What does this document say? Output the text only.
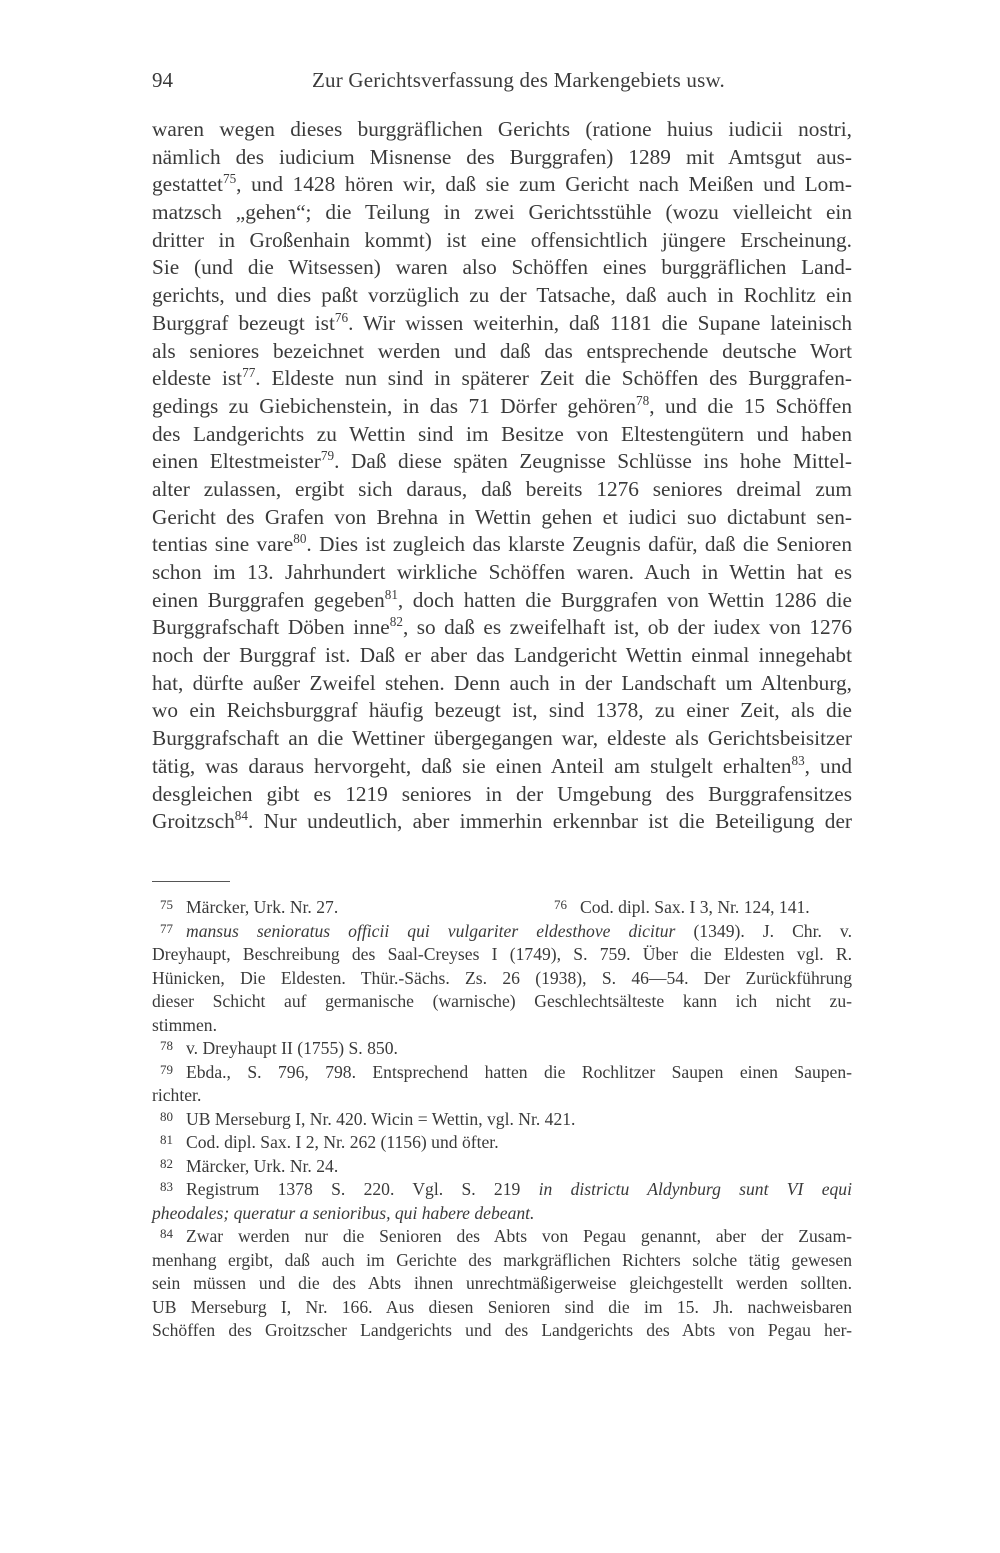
94	Zur Gerichtsverfassung des Markengebiets usw.
waren wegen dieses burggräflichen Gerichts (ratione huius iudicii nostri,
nämlich des iudicium Misnense des Burggrafen) 1289 mit Amtsgut aus-
gestattet$^{75}$, und 1428 hören wir, daß sie zum Gericht nach Meißen und Lom-
matzsch „gehen“; die Teilung in zwei Gerichtsstühle (wozu vielleicht ein
dritter in Großenhain kommt) ist eine offensichtlich jüngere Erscheinung.
Sie (und die Witsessen) waren also Schöffen eines burggräflichen Land-
gerichts, und dies paßt vorzüglich zu der Tatsache, daß auch in Rochlitz ein
Burggraf bezeugt ist$^{76}$. Wir wissen weiterhin, daß 1181 die Supane lateinisch
als seniores bezeichnet werden und daß das entsprechende deutsche Wort
eldeste ist$^{77}$. Eldeste nun sind in späterer Zeit die Schöffen des Burggrafen-
gedings zu Giebichenstein, in das 71 Dörfer gehören$^{78}$, und die 15 Schöffen
des Landgerichts zu Wettin sind im Besitze von Eltestengütern und haben
einen Eltestmeister$^{79}$. Daß diese späten Zeugnisse Schlüsse ins hohe Mittel-
alter zulassen, ergibt sich daraus, daß bereits 1276 seniores dreimal zum
Gericht des Grafen von Brehna in Wettin gehen et iudici suo dictabunt sen-
tentias sine vare$^{80}$. Dies ist zugleich das klarste Zeugnis dafür, daß die Senioren
schon im 13. Jahrhundert wirkliche Schöffen waren. Auch in Wettin hat es
einen Burggrafen gegeben$^{81}$, doch hatten die Burggrafen von Wettin 1286 die
Burggrafschaft Döben inne$^{82}$, so daß es zweifelhaft ist, ob der iudex von 1276
noch der Burggraf ist. Daß er aber das Landgericht Wettin einmal innegehabt
hat, dürfte außer Zweifel stehen. Denn auch in der Landschaft um Altenburg,
wo ein Reichsburggraf häufig bezeugt ist, sind 1378, zu einer Zeit, als die
Burggrafschaft an die Wettiner übergegangen war, eldeste als Gerichtsbeisitzer
tätig, was daraus hervorgeht, daß sie einen Anteil am stulgelt erhalten$^{83}$, und
desgleichen gibt es 1219 seniores in der Umgebung des Burggrafensitzes
Groitzsch$^{84}$. Nur undeutlich, aber immerhin erkennbar ist die Beteiligung der
75 Märcker, Urk. Nr. 27.	76 Cod. dipl. Sax. I 3, Nr. 124, 141.
77 mansus senioratus officii qui vulgariter eldesthove dicitur (1349). J. Chr. v.
Dreyhaupt, Beschreibung des Saal-Creyses I (1749), S. 759. Über die Eldesten vgl. R.
Hünicken, Die Eldesten. Thür.-Sächs. Zs. 26 (1938), S. 46—54. Der Zurückführung
dieser Schicht auf germanische (warnische) Geschlechtsälteste kann ich nicht zu-
stimmen.
78 v. Dreyhaupt II (1755) S. 850.
79 Ebda., S. 796, 798. Entsprechend hatten die Rochlitzer Saupen einen Saupen-
richter.
80 UB Merseburg I, Nr. 420. Wicin = Wettin, vgl. Nr. 421.
81 Cod. dipl. Sax. I 2, Nr. 262 (1156) und öfter.
82 Märcker, Urk. Nr. 24.
83 Registrum 1378 S. 220. Vgl. S. 219 in districtu Aldynburg sunt VI equi
pheodales; queratur a senioribus, qui habere debeant.
84 Zwar werden nur die Senioren des Abts von Pegau genannt, aber der Zusam-
menhang ergibt, daß auch im Gerichte des markgräflichen Richters solche tätig gewesen
sein müssen und die des Abts ihnen unrechtmäßigerweise gleichgestellt werden sollten.
UB Merseburg I, Nr. 166. Aus diesen Senioren sind die im 15. Jh. nachweisbaren
Schöffen des Groitzscher Landgerichts und des Landgerichts des Abts von Pegau her-
